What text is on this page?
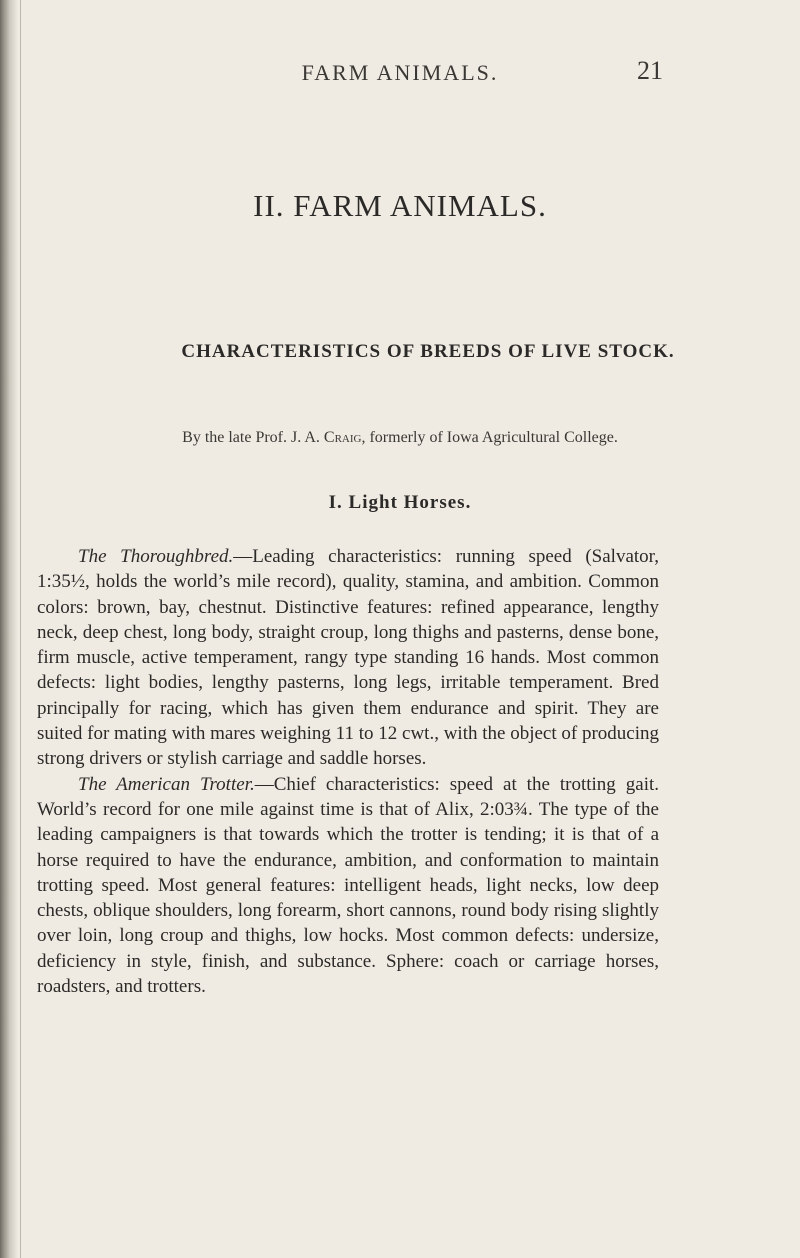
FARM ANIMALS.	21
II. FARM ANIMALS.
CHARACTERISTICS OF BREEDS OF LIVE STOCK.
By the late Prof. J. A. Craig, formerly of Iowa Agricultural College.
I. Light Horses.

The Thoroughbred.—Leading characteristics: running speed (Salvator, 1:35½, holds the world’s mile record), quality, stamina, and ambition. Common colors: brown, bay, chestnut. Distinctive features: refined appearance, lengthy neck, deep chest, long body, straight croup, long thighs and pasterns, dense bone, firm muscle, active temperament, rangy type standing 16 hands. Most common defects: light bodies, lengthy pasterns, long legs, irritable temperament. Bred principally for racing, which has given them endurance and spirit. They are suited for mating with mares weighing 11 to 12 cwt., with the object of producing strong drivers or stylish carriage and saddle horses.

The American Trotter.—Chief characteristics: speed at the trotting gait. World’s record for one mile against time is that of Alix, 2:03¾. The type of the leading campaigners is that towards which the trotter is tending; it is that of a horse required to have the endurance, ambition, and conformation to maintain trotting speed. Most general features: intelligent heads, light necks, low deep chests, oblique shoulders, long forearm, short cannons, round body rising slightly over loin, long croup and thighs, low hocks. Most common defects: undersize, deficiency in style, finish, and substance. Sphere: coach or carriage horses, roadsters, and trotters.
